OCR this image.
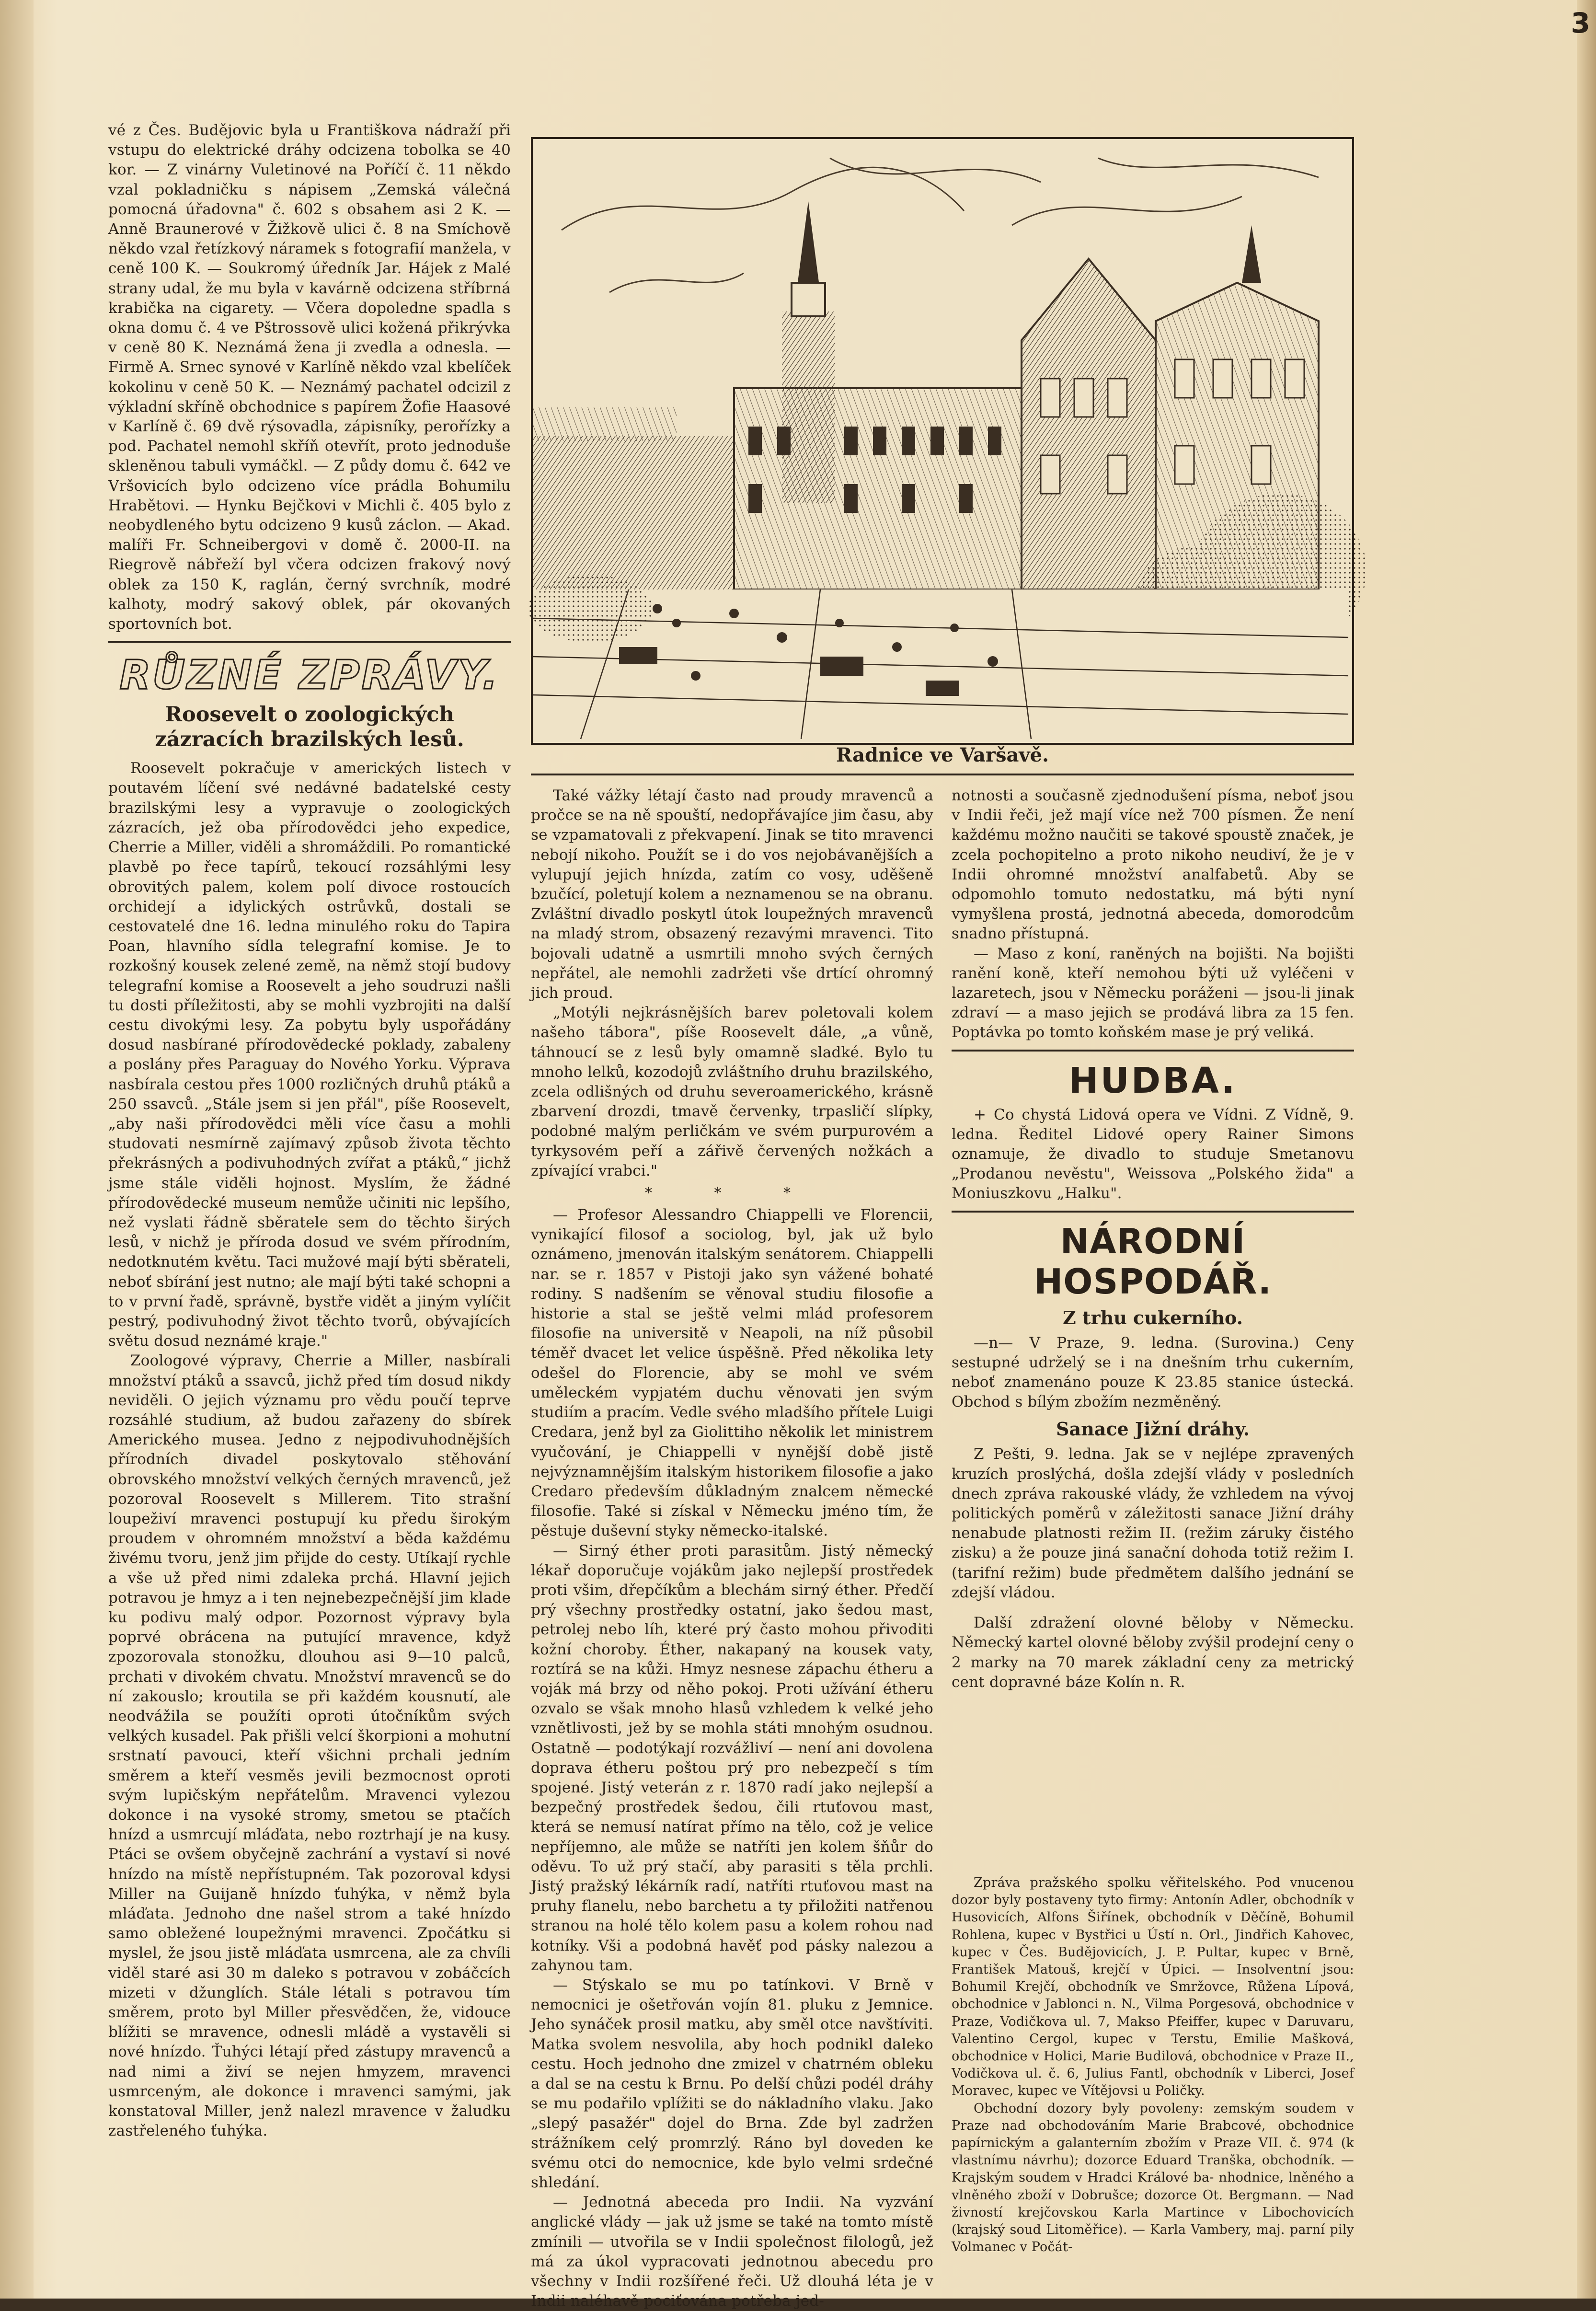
3

vé z Čes. Budějovic byla u Františkova nádraží při vstupu do elektrické dráhy odcizena tobolka se 40 kor. — Z vinárny Vuletinové na Poříčí č. 11 někdo vzal pokladničku s nápisem „Zemská válečná pomocná úřadovna" č. 602 s obsahem asi 2 K. — Anně Braunerové v Žižkově ulici č. 8 na Smíchově někdo vzal řetízkový náramek s fotografií manžela, v ceně 100 K. — Soukromý úředník Jar. Hájek z Malé strany udal, že mu byla v kavárně odcizena stříbrná krabička na cigarety. — Včera dopoledne spadla s okna domu č. 4 ve Pštrossově ulici kožená přikrývka v ceně 80 K. Neznámá žena ji zvedla a odnesla. — Firmě A. Srnec synové v Karlíně někdo vzal kbelíček kokolinu v ceně 50 K. — Neznámý pachatel odcizil z výkladní skříně obchodnice s papírem Žofie Haasové v Karlíně č. 69 dvě rýsovadla, zápisníky, perořízky a pod. Pachatel nemohl skříň otevřít, proto jednoduše skleněnou tabuli vymáčkl. — Z půdy domu č. 642 ve Vršovicích bylo odcizeno více prádla Bohumilu Hrabětovi. — Hynku Bejčkovi v Michli č. 405 bylo z neobydleného bytu odcizeno 9 kusů záclon. — Akad. malíři Fr. Schneibergovi v domě č. 2000-II. na Riegrově nábřeží byl včera odcizen frakový nový oblek za 150 K, raglán, černý svrchník, modré kalhoty, modrý sakový oblek, pár okovaných sportovních bot.

RŮZNÉ ZPRÁVY.
Roosevelt o zoologických zázracích brazilských lesů.

Roosevelt pokračuje v amerických listech v poutavém líčení své nedávné badatelské cesty brazilskými lesy a vypravuje o zoologických zázracích, jež oba přírodovědci jeho expedice, Cherrie a Miller, viděli a shromáždili. Po romantické plavbě po řece tapírů, tekoucí rozsáhlými lesy obrovitých palem, kolem polí divoce rostoucích orchidejí a idylických ostrůvků, dostali se cestovatelé dne 16. ledna minulého roku do Tapira Poan, hlavního sídla telegrafní komise. Je to rozkošný kousek zelené země, na němž stojí budovy telegrafní komise a Roosevelt a jeho soudruzi našli tu dosti příležitosti, aby se mohli vyzbrojiti na další cestu divokými lesy. Za pobytu byly uspořádány dosud nasbírané přírodovědecké poklady, zabaleny a poslány přes Paraguay do Nového Yorku. Výprava nasbírala cestou přes 1000 rozličných druhů ptáků a 250 ssavců. „Stále jsem si jen přál", píše Roosevelt, „aby naši přírodovědci měli více času a mohli studovati nesmírně zajímavý způsob života těchto překrásných a podivuhodných zvířat a ptáků,“ jichž jsme stále viděli hojnost. Myslím, že žádné přírodovědecké museum nemůže učiniti nic lepšího, než vyslati řádně sběratele sem do těchto širých lesů, v nichž je příroda dosud ve svém přírodním, nedotknutém květu. Taci mužové mají býti sběrateli, neboť sbírání jest nutno; ale mají býti také schopni a to v první řadě, správně, bystře vidět a jiným vylíčit pestrý, podivuhodný život těchto tvorů, obývajících světu dosud neznámé kraje."

Zoologové výpravy, Cherrie a Miller, nasbírali množství ptáků a ssavců, jichž před tím dosud nikdy neviděli. O jejich významu pro vědu poučí teprve rozsáhlé studium, až budou zařazeny do sbírek Amerického musea. Jedno z nejpodivuhodnějších přírodních divadel poskytovalo stěhování obrovského množství velkých černých mravenců, jež pozoroval Roosevelt s Millerem. Tito strašní loupeživí mravenci postupují ku předu širokým proudem v ohromném množství a běda každému živému tvoru, jenž jim přijde do cesty. Utíkají rychle a vše už před nimi zdaleka prchá. Hlavní jejich potravou je hmyz a i ten nejnebezpečnější jim klade ku podivu malý odpor. Pozornost výpravy byla poprvé obrácena na putující mravence, když zpozorovala stonožku, dlouhou asi 9—10 palců, prchati v divokém chvatu. Množství mravenců se do ní zakouslo; kroutila se při každém kousnutí, ale neodvážila se použíti oproti útočníkům svých velkých kusadel. Pak přišli velcí škorpioni a mohutní srstnatí pavouci, kteří všichni prchali jedním směrem a kteří vesměs jevili bezmocnost oproti svým lupičským nepřátelům. Mravenci vylezou dokonce i na vysoké stromy, smetou se ptačích hnízd a usmrcují mláďata, nebo roztrhají je na kusy. Ptáci se ovšem obyčejně zachrání a vystaví si nové hnízdo na místě nepřístupném. Tak pozoroval kdysi Miller na Guijaně hnízdo ťuhýka, v němž byla mláďata. Jednoho dne našel strom a také hnízdo samo obležené loupežnými mravenci. Zpočátku si myslel, že jsou jistě mláďata usmrcena, ale za chvíli viděl staré asi 30 m daleko s potravou v zobáčcích mizeti v džunglích. Stále létali s potravou tím směrem, proto byl Miller přesvědčen, že, vidouce blížiti se mravence, odnesli mládě a vystavěli si nové hnízdo. Ťuhýci létají před zástupy mravenců a nad nimi a živí se nejen hmyzem, mravenci usmrceným, ale dokonce i mravenci samými, jak konstatoval Miller, jenž nalezl mravence v žaludku zastřeleného ťuhýka.

Radnice ve Varšavě.

Také vážky létají často nad proudy mravenců a pročce se na ně spouští, nedopřávajíce jim času, aby se vzpamatovali z překvapení. Jinak se tito mravenci nebojí nikoho. Použít se i do vos nejobávanějších a vylupují jejich hnízda, zatím co vosy, uděšeně bzučící, poletují kolem a neznamenou se na obranu. Zvláštní divadlo poskytl útok loupežných mravenců na mladý strom, obsazený rezavými mravenci. Tito bojovali udatně a usmrtili mnoho svých černých nepřátel, ale nemohli zadržeti vše drtící ohromný jich proud.

„Motýli nejkrásnějších barev poletovali kolem našeho tábora", píše Roosevelt dále, „a vůně, táhnoucí se z lesů byly omamně sladké. Bylo tu mnoho lelků, kozodojů zvláštního druhu brazilského, zcela odlišných od druhu severoamerického, krásně zbarvení drozdi, tmavě červenky, trpasličí slípky, podobné malým perličkám ve svém purpurovém a tyrkysovém peří a zářivě červených nožkách a zpívající vrabci."

* * *

— Profesor Alessandro Chiappelli ve Florencii, vynikající filosof a sociolog, byl, jak už bylo oznámeno, jmenován italským senátorem. Chiappelli nar. se r. 1857 v Pistoji jako syn vážené bohaté rodiny. S nadšením se věnoval studiu filosofie a historie a stal se ještě velmi mlád profesorem filosofie na universitě v Neapoli, na níž působil téměř dvacet let velice úspěšně. Před několika lety odešel do Florencie, aby se mohl ve svém uměleckém vypjatém duchu věnovati jen svým studiím a pracím. Vedle svého mladšího přítele Luigi Credara, jenž byl za Giolittiho několik let ministrem vyučování, je Chiappelli v nynější době jistě nejvýznamnějším italským historikem filosofie a jako Credaro především důkladným znalcem německé filosofie. Také si získal v Německu jméno tím, že pěstuje duševní styky německo-italské.

— Sirný éther proti parasitům. Jistý německý lékař doporučuje vojákům jako nejlepší prostředek proti všim, dřepčíkům a blechám sirný éther. Předčí prý všechny prostředky ostatní, jako šedou mast, petrolej nebo líh, které prý často mohou přivoditi kožní choroby. Éther, nakapaný na kousek vaty, roztírá se na kůži. Hmyz nesnese zápachu étheru a voják má brzy od něho pokoj. Proti užívání étheru ozvalo se však mnoho hlasů vzhledem k velké jeho vznětlivosti, jež by se mohla státi mnohým osudnou. Ostatně — podotýkají rozvážliví — není ani dovolena doprava étheru poštou prý pro nebezpečí s tím spojené. Jistý veterán z r. 1870 radí jako nejlepší a bezpečný prostředek šedou, čili rtuťovou mast, která se nemusí natírat přímo na tělo, což je velice nepříjemno, ale může se natříti jen kolem šňůr do oděvu. To už prý stačí, aby parasiti s těla prchli. Jistý pražský lékárník radí, natříti rtuťovou mast na pruhy flanelu, nebo barchetu a ty přiložiti natřenou stranou na holé tělo kolem pasu a kolem rohou nad kotníky. Vši a podobná havěť pod pásky nalezou a zahynou tam.

— Stýskalo se mu po tatínkovi. V Brně v nemocnici je ošetřován vojín 81. pluku z Jemnice. Jeho synáček prosil matku, aby směl otce navštíviti. Matka svolem nesvolila, aby hoch podnikl daleko cestu. Hoch jednoho dne zmizel v chatrném obleku a dal se na cestu k Brnu. Po delší chůzi podél dráhy se mu podařilo vplížiti se do nákladního vlaku. Jako „slepý pasažér" dojel do Brna. Zde byl zadržen strážníkem celý promrzlý. Ráno byl doveden ke svému otci do nemocnice, kde bylo velmi srdečné shledání.

— Jednotná abeceda pro Indii. Na vyzvání anglické vlády — jak už jsme se také na tomto místě zmínili — utvořila se v Indii společnost filologů, jež má za úkol vypracovati jednotnou abecedu pro všechny v Indii rozšířené řeči. Už dlouhá léta je v Indii naléhavě pociťována potřeba jed-

notnosti a současně zjednodušení písma, neboť jsou v Indii řeči, jež mají více než 700 písmen. Že není každému možno naučiti se takové spoustě značek, je zcela pochopitelno a proto nikoho neudiví, že je v Indii ohromné množství analfabetů. Aby se odpomohlo tomuto nedostatku, má býti nyní vymyšlena prostá, jednotná abeceda, domorodcům snadno přístupná.

— Maso z koní, raněných na bojišti. Na bojišti ranění koně, kteří nemohou býti už vyléčeni v lazaretech, jsou v Německu poráženi — jsou-li jinak zdraví — a maso jejich se prodává libra za 15 fen. Poptávka po tomto koňském mase je prý veliká.

HUDBA.

+ Co chystá Lidová opera ve Vídni. Z Vídně, 9. ledna. Ředitel Lidové opery Rainer Simons oznamuje, že divadlo to studuje Smetanovu „Prodanou nevěstu", Weissova „Polského žida" a Moniuszkovu „Halku".

NÁRODNÍ HOSPODÁŘ.
Z trhu cukerního.

—n— V Praze, 9. ledna. (Surovina.) Ceny sestupné udrželý se i na dnešním trhu cukerním, neboť znamenáno pouze K 23.85 stanice ústecká. Obchod s bílým zbožím nezměněný.

Sanace Jižní dráhy.

Z Pešti, 9. ledna. Jak se v nejlépe zpravených kruzích proslýchá, došla zdejší vlády v posledních dnech zpráva rakouské vlády, že vzhledem na vývoj politických poměrů v záležitosti sanace Jižní dráhy nenabude platnosti režim II. (režim záruky čistého zisku) a že pouze jiná sanační dohoda totiž režim I. (tarifní režim) bude předmětem dalšího jednání se zdejší vládou.

Další zdražení olovné běloby v Německu. Německý kartel olovné běloby zvýšil prodejní ceny o 2 marky na 70 marek základní ceny za metrický cent dopravné báze Kolín n. R.

Zpráva pražského spolku věřitelského. Pod vnucenou dozor byly postaveny tyto firmy: Antonín Adler, obchodník v Husovicích, Alfons Šiřínek, obchodník v Děčíně, Bohumil Rohlena, kupec v Bystřici u Ústí n. Orl., Jindřich Kahovec, kupec v Čes. Budějovicích, J. P. Pultar, kupec v Brně, František Matouš, krejčí v Úpici. — Insolventní jsou: Bohumil Krejčí, obchodník ve Smržovce, Růžena Lípová, obchodnice v Jablonci n. N., Vilma Porgesová, obchodnice v Praze, Vodičkova ul. 7, Makso Pfeiffer, kupec v Daruvaru, Valentino Cergol, kupec v Terstu, Emilie Mašková, obchodnice v Holici, Marie Budilová, obchodnice v Praze II., Vodičkova ul. č. 6, Julius Fantl, obchodník v Liberci, Josef Moravec, kupec ve Vítějovsi u Poličky.

Obchodní dozory byly povoleny: zemským soudem v Praze nad obchodováním Marie Brabcové, obchodnice papírnickým a galanterním zbožím v Praze VII. č. 974 (k vlastnímu návrhu); dozorce Eduard Tranška, obchodník. — Krajským soudem v Hradci Králové ba- nhodnice, lněného a vlněného zboží v Dobrušce; dozorce Ot. Bergmann. — Nad živností krejčovskou Karla Martince v Libochovicích (krajský soud Litoměřice). — Karla Vambery, maj. parní pily Volmanec v Počát-
